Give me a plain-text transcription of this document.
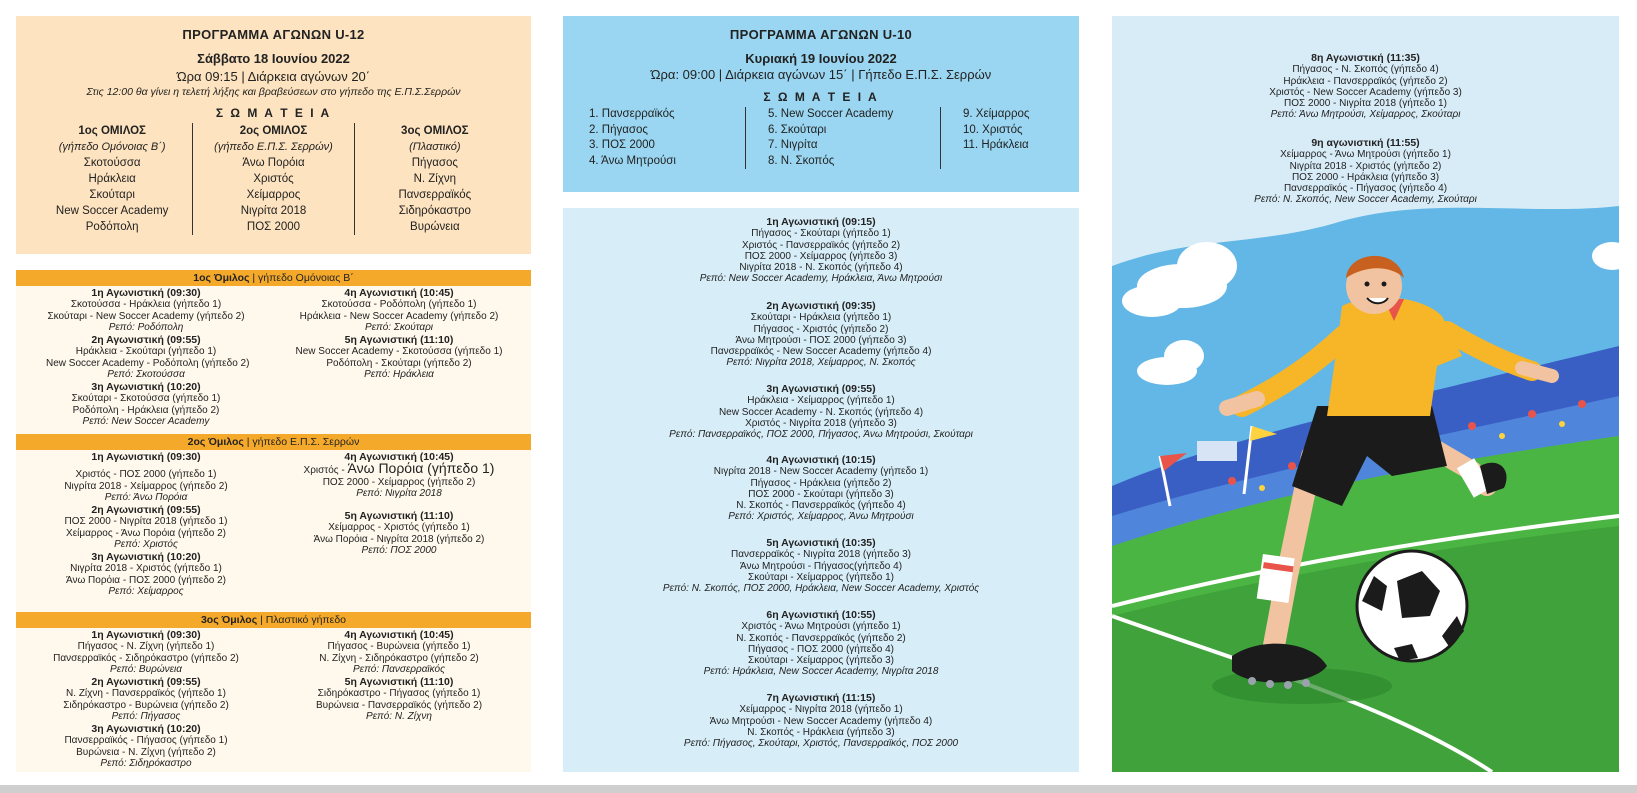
ΠΡΟΓΡΑΜΜΑ ΑΓΩΝΩΝ U-12
Σάββατο 18 Ιουνίου 2022
Ώρα 09:15 | Διάρκεια αγώνων 20΄
Στις 12:00 θα γίνει η τελετή λήξης και βραβεύσεων στο γήπεδο της Ε.Π.Σ.Σερρών
Σ Ω Μ Α Τ Ε Ι Α
1ος ΟΜΙΛΟΣ
(γήπεδο Ομόνοιας Β΄)
Σκοτούσσα
Ηράκλεια
Σκούταρι
New Soccer Academy
Ροδόπολη
2ος ΟΜΙΛΟΣ
(γήπεδο Ε.Π.Σ. Σερρών)
Άνω Πορόια
Χριστός
Χείμαρρος
Νιγρίτα 2018
ΠΟΣ 2000
3ος ΟΜΙΛΟΣ
(Πλαστικό)
Πήγασος
Ν. Ζίχνη
Πανσερραϊκός
Σιδηρόκαστρο
Βυρώνεια
1ος Όμιλος | γήπεδο Ομόνοιας Β΄
1η Αγωνιστική (09:30)
Σκοτούσσα - Ηράκλεια (γήπεδο 1)
Σκούταρι - New Soccer Academy (γήπεδο 2)
Ρεπό: Ροδόπολη
2η Αγωνιστική (09:55)
Ηράκλεια - Σκούταρι (γήπεδο 1)
New Soccer Academy - Ροδόπολη (γήπεδο 2)
Ρεπό: Σκοτούσσα
3η Αγωνιστική (10:20)
Σκούταρι - Σκοτούσσα (γήπεδο 1)
Ροδόπολη - Ηράκλεια (γήπεδο 2)
Ρεπό: New Soccer Academy
4η Αγωνιστική (10:45)
Σκοτούσσα - Ροδόπολη (γήπεδο 1)
Ηράκλεια - New Soccer Academy (γήπεδο 2)
Ρεπό: Σκούταρι
5η Αγωνιστική (11:10)
New Soccer Academy - Σκοτούσσα (γήπεδο 1)
Ροδόπολη - Σκούταρι (γήπεδο 2)
Ρεπό: Ηράκλεια
2ος Όμιλος | γήπεδο Ε.Π.Σ. Σερρών
1η Αγωνιστική (09:30)
Χριστός - ΠΟΣ 2000 (γήπεδο 1)
Νιγρίτα 2018 - Χείμαρρος (γήπεδο 2)
Ρεπό: Άνω Πορόια
2η Αγωνιστική (09:55)
ΠΟΣ 2000 - Νιγρίτα 2018 (γήπεδο 1)
Χείμαρρος - Άνω Πορόια (γήπεδο 2)
Ρεπό: Χριστός
3η Αγωνιστική (10:20)
Νιγρίτα 2018 - Χριστός (γήπεδο 1)
Άνω Πορόια - ΠΟΣ 2000 (γήπεδο 2)
Ρεπό: Χείμαρρος
4η Αγωνιστική (10:45)
Χριστός - Άνω Πορόια (γήπεδο 1)
ΠΟΣ 2000 - Χείμαρρος (γήπεδο 2)
Ρεπό: Νιγρίτα 2018
5η Αγωνιστική (11:10)
Χείμαρρος - Χριστός (γήπεδο 1)
Άνω Πορόια - Νιγρίτα 2018 (γήπεδο 2)
Ρεπό: ΠΟΣ 2000
3ος Όμιλος | Πλαστικό γήπεδο
1η Αγωνιστική (09:30)
Πήγασος - Ν. Ζίχνη (γήπεδο 1)
Πανσερραϊκός - Σιδηρόκαστρο (γήπεδο 2)
Ρεπό: Βυρώνεια
2η Αγωνιστική (09:55)
Ν. Ζίχνη - Πανσερραϊκός (γήπεδο 1)
Σιδηρόκαστρο - Βυρώνεια (γήπεδο 2)
Ρεπό: Πήγασος
3η Αγωνιστική (10:20)
Πανσερραϊκός - Πήγασος (γήπεδο 1)
Βυρώνεια - Ν. Ζίχνη (γήπεδο 2)
Ρεπό: Σιδηρόκαστρο
4η Αγωνιστική (10:45)
Πήγασος - Βυρώνεια (γήπεδο 1)
Ν. Ζίχνη - Σιδηρόκαστρο (γήπεδο 2)
Ρεπό: Πανσερραϊκός
5η Αγωνιστική (11:10)
Σιδηρόκαστρο - Πήγασος (γήπεδο 1)
Βυρώνεια - Πανσερραϊκός (γήπεδο 2)
Ρεπό: Ν. Ζίχνη
ΠΡΟΓΡΑΜΜΑ ΑΓΩΝΩΝ U-10
Κυριακή 19 Ιουνίου 2022
Ώρα: 09:00 | Διάρκεια αγώνων 15΄ | Γήπεδο Ε.Π.Σ. Σερρών
Σ Ω Μ Α Τ Ε Ι Α
1. Πανσερραϊκός
2. Πήγασος
3. ΠΟΣ 2000
4. Άνω Μητρούσι
5. New Soccer Academy
6. Σκούταρι
7. Νιγρίτα
8. Ν. Σκοπός
9. Χείμαρρος
10. Χριστός
11. Ηράκλεια
1η Αγωνιστική (09:15)
Πήγασος - Σκούταρι (γήπεδο 1)
Χριστός - Πανσερραϊκός (γήπεδο 2)
ΠΟΣ 2000 - Χείμαρρος (γήπεδο 3)
Νιγρίτα 2018 - Ν. Σκοπός (γήπεδο 4)
Ρεπό: New Soccer Academy, Ηράκλεια, Άνω Μητρούσι
2η Αγωνιστική (09:35)
Σκούταρι - Ηράκλεια (γήπεδο 1)
Πήγασος - Χριστός (γήπεδο 2)
Άνω Μητρούσι - ΠΟΣ 2000 (γήπεδο 3)
Πανσερραϊκός - New Soccer Academy (γήπεδο 4)
Ρεπό: Νιγρίτα 2018, Χείμαρρος, Ν. Σκοπός
3η Αγωνιστική (09:55)
Ηράκλεια - Χείμαρρος (γήπεδο 1)
New Soccer Academy - Ν. Σκοπός (γήπεδο 4)
Χριστός - Νιγρίτα 2018 (γήπεδο 3)
Ρεπό: Πανσερραϊκός, ΠΟΣ 2000, Πήγασος, Άνω Μητρούσι, Σκούταρι
4η Αγωνιστική (10:15)
Νιγρίτα 2018 - New Soccer Academy (γήπεδο 1)
Πήγασος - Ηράκλεια (γήπεδο 2)
ΠΟΣ 2000 - Σκούταρι (γήπεδο 3)
Ν. Σκοπός - Πανσερραϊκός (γήπεδο 4)
Ρεπό: Χριστός, Χείμαρρος, Άνω Μητρούσι
5η Αγωνιστική (10:35)
Πανσερραϊκός - Νιγρίτα 2018 (γήπεδο 3)
Άνω Μητρούσι - Πήγασος(γήπεδο 4)
Σκούταρι - Χείμαρρος (γήπεδο 1)
Ρεπό: Ν. Σκοπός, ΠΟΣ 2000, Ηράκλεια, New Soccer Academy, Χριστός
6η Αγωνιστική (10:55)
Χριστός - Άνω Μητρούσι (γήπεδο 1)
Ν. Σκοπός - Πανσερραϊκός (γήπεδο 2)
Πήγασος - ΠΟΣ 2000 (γήπεδο 4)
Σκούταρι - Χείμαρρος (γήπεδο 3)
Ρεπό: Ηράκλεια, New Soccer Academy, Νιγρίτα 2018
7η Αγωνιστική (11:15)
Χείμαρρος - Νιγρίτα 2018 (γήπεδο 1)
Άνω Μητρούσι - New Soccer Academy (γήπεδο 4)
Ν. Σκοπός - Ηράκλεια (γήπεδο 3)
Ρεπό: Πήγασος, Σκούταρι, Χριστός, Πανσερραϊκός, ΠΟΣ 2000
8η Αγωνιστική (11:35)
Πήγασος - Ν. Σκοπός (γήπεδο 4)
Ηράκλεια - Πανσερραϊκός (γήπεδο 2)
Χριστός - New Soccer Academy (γήπεδο 3)
ΠΟΣ 2000 - Νιγρίτα 2018 (γήπεδο 1)
Ρεπό: Άνω Μητρούσι, Χείμαρρος, Σκούταρι
9η αγωνιστική (11:55)
Χείμαρρος - Άνω Μητρούσι (γήπεδο 1)
Νιγρίτα 2018 - Χριστός (γήπεδο 2)
ΠΟΣ 2000 - Ηράκλεια (γήπεδο 3)
Πανσερραϊκός - Πήγασος (γήπεδο 4)
Ρεπό: Ν. Σκοπός, New Soccer Academy, Σκούταρι
